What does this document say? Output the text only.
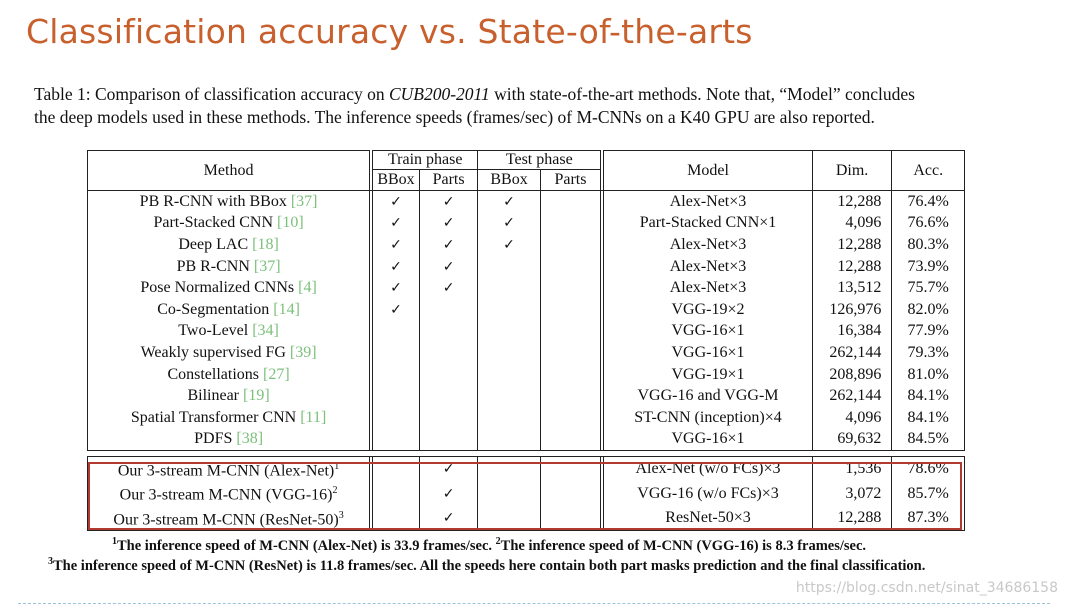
Classification accuracy vs. State-of-the-arts
Table 1: Comparison of classification accuracy on CUB200-2011 with state-of-the-art methods. Note that, “Model” concludes
the deep models used in these methods. The inference speeds (frames/sec) of M-CNNs on a K40 GPU are also reported.
Method		Train phase		Test phase			Model	Dim.	Acc.
		BBox	Parts	BBox	Parts				
PB R-CNN with BBox [37]		✓	✓	✓			Alex-Net×3	12,288	76.4%
Part-Stacked CNN [10]		✓	✓	✓			Part-Stacked CNN×1	4,096	76.6%
Deep LAC [18]		✓	✓	✓			Alex-Net×3	12,288	80.3%
PB R-CNN [37]		✓	✓				Alex-Net×3	12,288	73.9%
Pose Normalized CNNs [4]		✓	✓				Alex-Net×3	13,512	75.7%
Co-Segmentation [14]		✓					VGG-19×2	126,976	82.0%
Two-Level [34]							VGG-16×1	16,384	77.9%
Weakly supervised FG [39]							VGG-16×1	262,144	79.3%
Constellations [27]							VGG-19×1	208,896	81.0%
Bilinear [19]							VGG-16 and VGG-M	262,144	84.1%
Spatial Transformer CNN [11]							ST-CNN (inception)×4	4,096	84.1%
PDFS [38]							VGG-16×1	69,632	84.5%

Our 3-stream M-CNN (Alex-Net)$^1$			✓				Alex-Net (w/o FCs)×3	1,536	78.6%
Our 3-stream M-CNN $(VGG-16)^2$			✓				VGG-16 (w/o FCs)×3	3,072	85.7%
Our 3-stream M-CNN (ResNet-50)$^3$			✓				ResNet-50×3	12,288	87.3%
$^1$The inference speed of M-CNN (Alex-Net) is 33.9 frames/sec. $^2$The inference speed of M-CNN (VGG-16) is 8.3 frames/sec.
$^3$The inference speed of M-CNN (ResNet) is 11.8 frames/sec. All the speeds here contain both part masks prediction and the final classification.
https://blog.csdn.net/sinat_34686158
